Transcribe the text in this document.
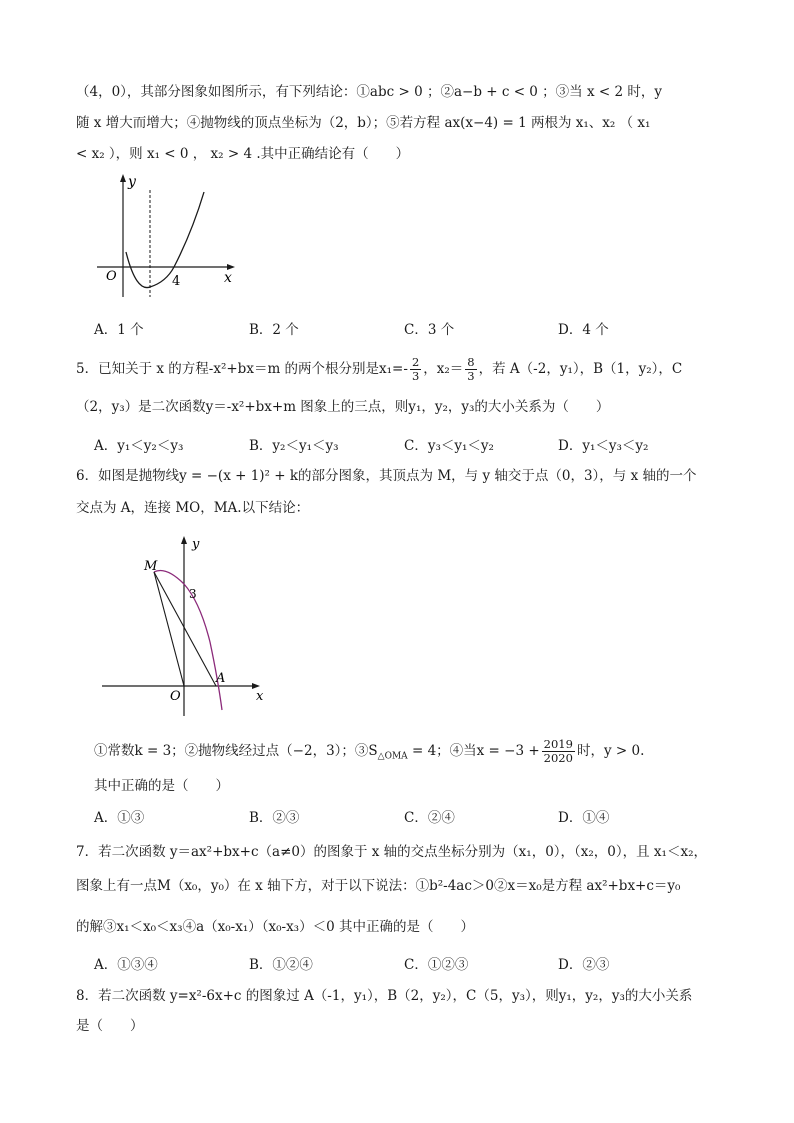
（4，0），其部分图象如图所示，有下列结论：①abc > 0 ；②a−b + c < 0 ；③当 x < 2 时，y
随 x 增大而增大；④抛物线的顶点坐标为（2，b）；⑤若方程 ax(x−4) = 1 两根为 x₁、x₂ （ x₁
< x₂ ），则 x₁ < 0 ， x₂ > 4 .其中正确结论有（　　）
y
x
O	4
A．1 个	B．2 个	C．3 个	D．4 个
5．已知关于 x 的方程-x²+bx＝m 的两个根分别是$x_1=- \frac{2}{3}$ ，$x_2= \frac{8}{3}$ ，若 A（-2，y₁），B（1，y₂），C
（2，y₃）是二次函数y＝-x²+bx+m 图象上的三点，则y₁，y₂，y₃的大小关系为（　　）
A．y₁＜y₂＜y₃	B．y₂＜y₁＜y₃	C．y₃＜y₁＜y₂	D．y₁＜y₃＜y₂
6．如图是抛物线y = −(x + 1)² + k的部分图象，其顶点为 M，与 y 轴交于点（0，3），与 x 轴的一个
交点为 A，连接 MO，MA.以下结论：
y
x
O
M
A
3
①常数k = 3；②抛物线经过点（−2，3）；$③S_{\triangle OMA} = 4$；④当$x = -3 + \frac{2019}{2020}$ 时，y > 0.
其中正确的是（　　）
A．①③	B．②③	C．②④	D．①④
7．若二次函数 y＝ax²+bx+c（a≠0）的图象于 x 轴的交点坐标分别为（x₁，0），（x₂，0），且 x₁＜x₂，
图象上有一点M（x₀，y₀）在 x 轴下方，对于以下说法：①b²-4ac＞0②x＝x₀是方程 ax²+bx+c＝y₀
的解③x₁＜x₀＜x₃④a（x₀-x₁）（x₀-x₃）＜0 其中正确的是（　　）
A．①③④	B．①②④	C．①②③	D．②③
8．若二次函数 y=x²-6x+c 的图象过 A（-1，y₁），B（2，y₂），C（5，y₃），则y₁，y₂，y₃的大小关系
是（　　）
